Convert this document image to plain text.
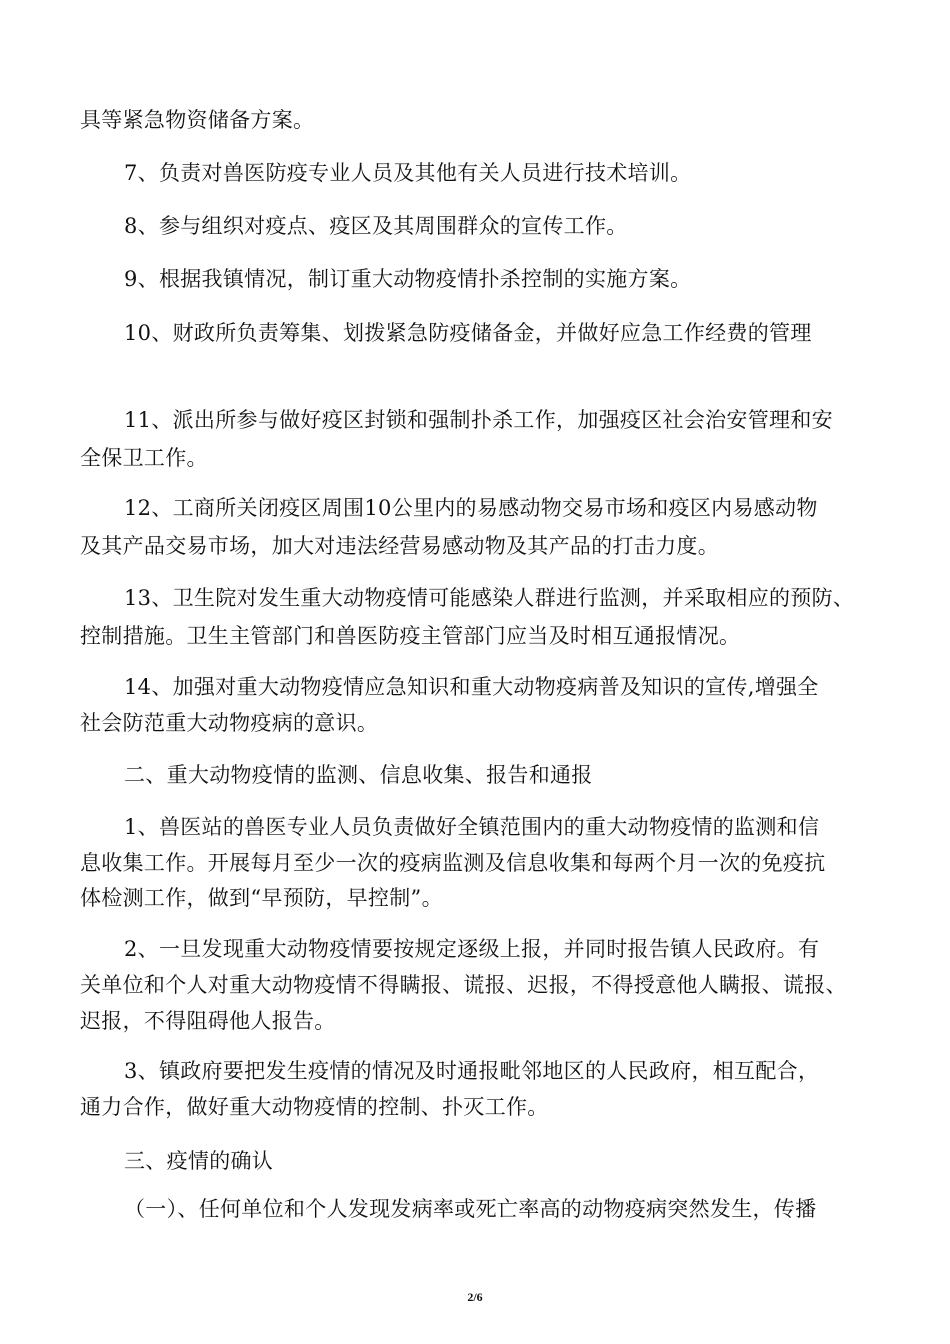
具等紧急物资储备方案。
7、负责对兽医防疫专业人员及其他有关人员进行技术培训。
8、参与组织对疫点、疫区及其周围群众的宣传工作。
9、根据我镇情况，制订重大动物疫情扑杀控制的实施方案。
10、财政所负责筹集、划拨紧急防疫储备金，并做好应急工作经费的管理
11、派出所参与做好疫区封锁和强制扑杀工作，加强疫区社会治安管理和安
全保卫工作。
12、工商所关闭疫区周围10公里内的易感动物交易市场和疫区内易感动物
及其产品交易市场，加大对违法经营易感动物及其产品的打击力度。
13、卫生院对发生重大动物疫情可能感染人群进行监测，并采取相应的预防、
控制措施。卫生主管部门和兽医防疫主管部门应当及时相互通报情况。
14、加强对重大动物疫情应急知识和重大动物疫病普及知识的宣传,增强全
社会防范重大动物疫病的意识。
二、重大动物疫情的监测、信息收集、报告和通报
1、兽医站的兽医专业人员负责做好全镇范围内的重大动物疫情的监测和信
息收集工作。开展每月至少一次的疫病监测及信息收集和每两个月一次的免疫抗
体检测工作，做到“早预防，早控制”。
2、一旦发现重大动物疫情要按规定逐级上报，并同时报告镇人民政府。有
关单位和个人对重大动物疫情不得瞒报、谎报、迟报，不得授意他人瞒报、谎报、
迟报，不得阻碍他人报告。
3、镇政府要把发生疫情的情况及时通报毗邻地区的人民政府，相互配合，
通力合作，做好重大动物疫情的控制、扑灭工作。
三、疫情的确认
（一）、任何单位和个人发现发病率或死亡率高的动物疫病突然发生，传播
2/6
